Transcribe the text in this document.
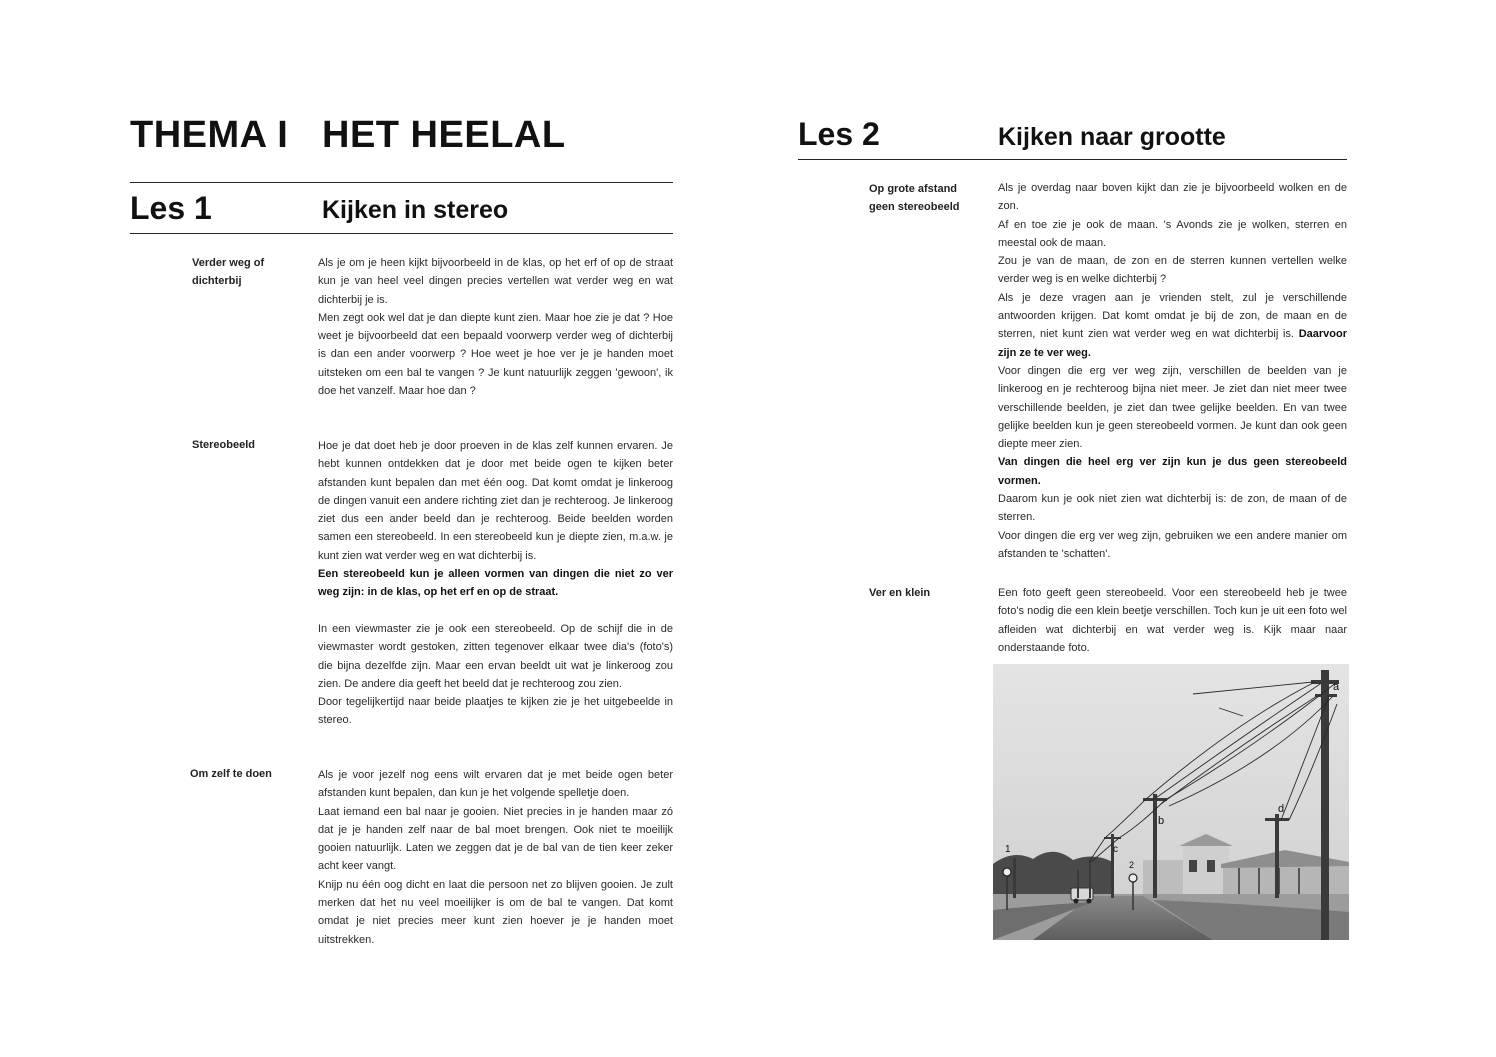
THEMA I HET HEELAL
Les 1	Kijken in stereo
Verder weg of
dichterbij

Als je om je heen kijkt bijvoorbeeld in de klas, op het erf of op de straat kun je van heel veel dingen precies vertellen wat verder weg en wat dichterbij je is.

Men zegt ook wel dat je dan diepte kunt zien. Maar hoe zie je dat ? Hoe weet je bijvoorbeeld dat een bepaald voorwerp verder weg of dichterbij is dan een ander voorwerp ? Hoe weet je hoe ver je je handen moet uitsteken om een bal te vangen ? Je kunt natuurlijk zeggen 'gewoon', ik doe het vanzelf. Maar hoe dan ?

Stereobeeld	Hoe je dat doet heb je door proeven in de klas zelf kunnen ervaren. Je hebt kunnen ontdekken dat je door met beide ogen te kijken beter afstanden kunt bepalen dan met één oog. Dat komt omdat je linkeroog de dingen vanuit een andere richting ziet dan je rechteroog. Je linkeroog ziet dus een ander beeld dan je rechteroog. Beide beelden worden samen een stereobeeld. In een stereobeeld kun je diepte zien, m.a.w. je kunt zien wat verder weg en wat dichterbij is.

Een stereobeeld kun je alleen vormen van dingen die niet zo ver weg zijn: in de klas, op het erf en op de straat.

In een viewmaster zie je ook een stereobeeld. Op de schijf die in de viewmaster wordt gestoken, zitten tegenover elkaar twee dia's (foto's) die bijna dezelfde zijn. Maar een ervan beeldt uit wat je linkeroog zou zien. De andere dia geeft het beeld dat je rechteroog zou zien.

Door tegelijkertijd naar beide plaatjes te kijken zie je het uitgebeelde in stereo.

Om zelf te doen	Als je voor jezelf nog eens wilt ervaren dat je met beide ogen beter afstanden kunt bepalen, dan kun je het volgende spelletje doen.

Laat iemand een bal naar je gooien. Niet precies in je handen maar zó dat je je handen zelf naar de bal moet brengen. Ook niet te moeilijk gooien natuurlijk. Laten we zeggen dat je de bal van de tien keer zeker acht keer vangt.

Knijp nu één oog dicht en laat die persoon net zo blijven gooien. Je zult merken dat het nu veel moeilijker is om de bal te vangen. Dat komt omdat je niet precies meer kunt zien hoever je je handen moet uitstrekken.

Les 2	Kijken naar grootte
Op grote afstand
geen stereobeeld

Als je overdag naar boven kijkt dan zie je bijvoorbeeld wolken en de zon.

Af en toe zie je ook de maan. 's Avonds zie je wolken, sterren en meestal ook de maan.

Zou je van de maan, de zon en de sterren kunnen vertellen welke verder weg is en welke dichterbij ?

Als je deze vragen aan je vrienden stelt, zul je verschillende antwoorden krijgen. Dat komt omdat je bij de zon, de maan en de sterren, niet kunt zien wat verder weg en wat dichterbij is. Daarvoor zijn ze te ver weg.

Voor dingen die erg ver weg zijn, verschillen de beelden van je linkeroog en je rechteroog bijna niet meer. Je ziet dan niet meer twee verschillende beelden, je ziet dan twee gelijke beelden. En van twee gelijke beelden kun je geen stereobeeld vormen. Je kunt dan ook geen diepte meer zien.

Van dingen die heel erg ver zijn kun je dus geen stereobeeld vormen.

Daarom kun je ook niet zien wat dichterbij is: de zon, de maan of de sterren.

Voor dingen die erg ver weg zijn, gebruiken we een andere manier om afstanden te 'schatten'.

Ver en klein	Een foto geeft geen stereobeeld. Voor een stereobeeld heb je twee foto's nodig die een klein beetje verschillen. Toch kun je uit een foto wel afleiden wat dichterbij en wat verder weg is. Kijk maar naar onderstaande foto.

a
b
c
d
1
2
